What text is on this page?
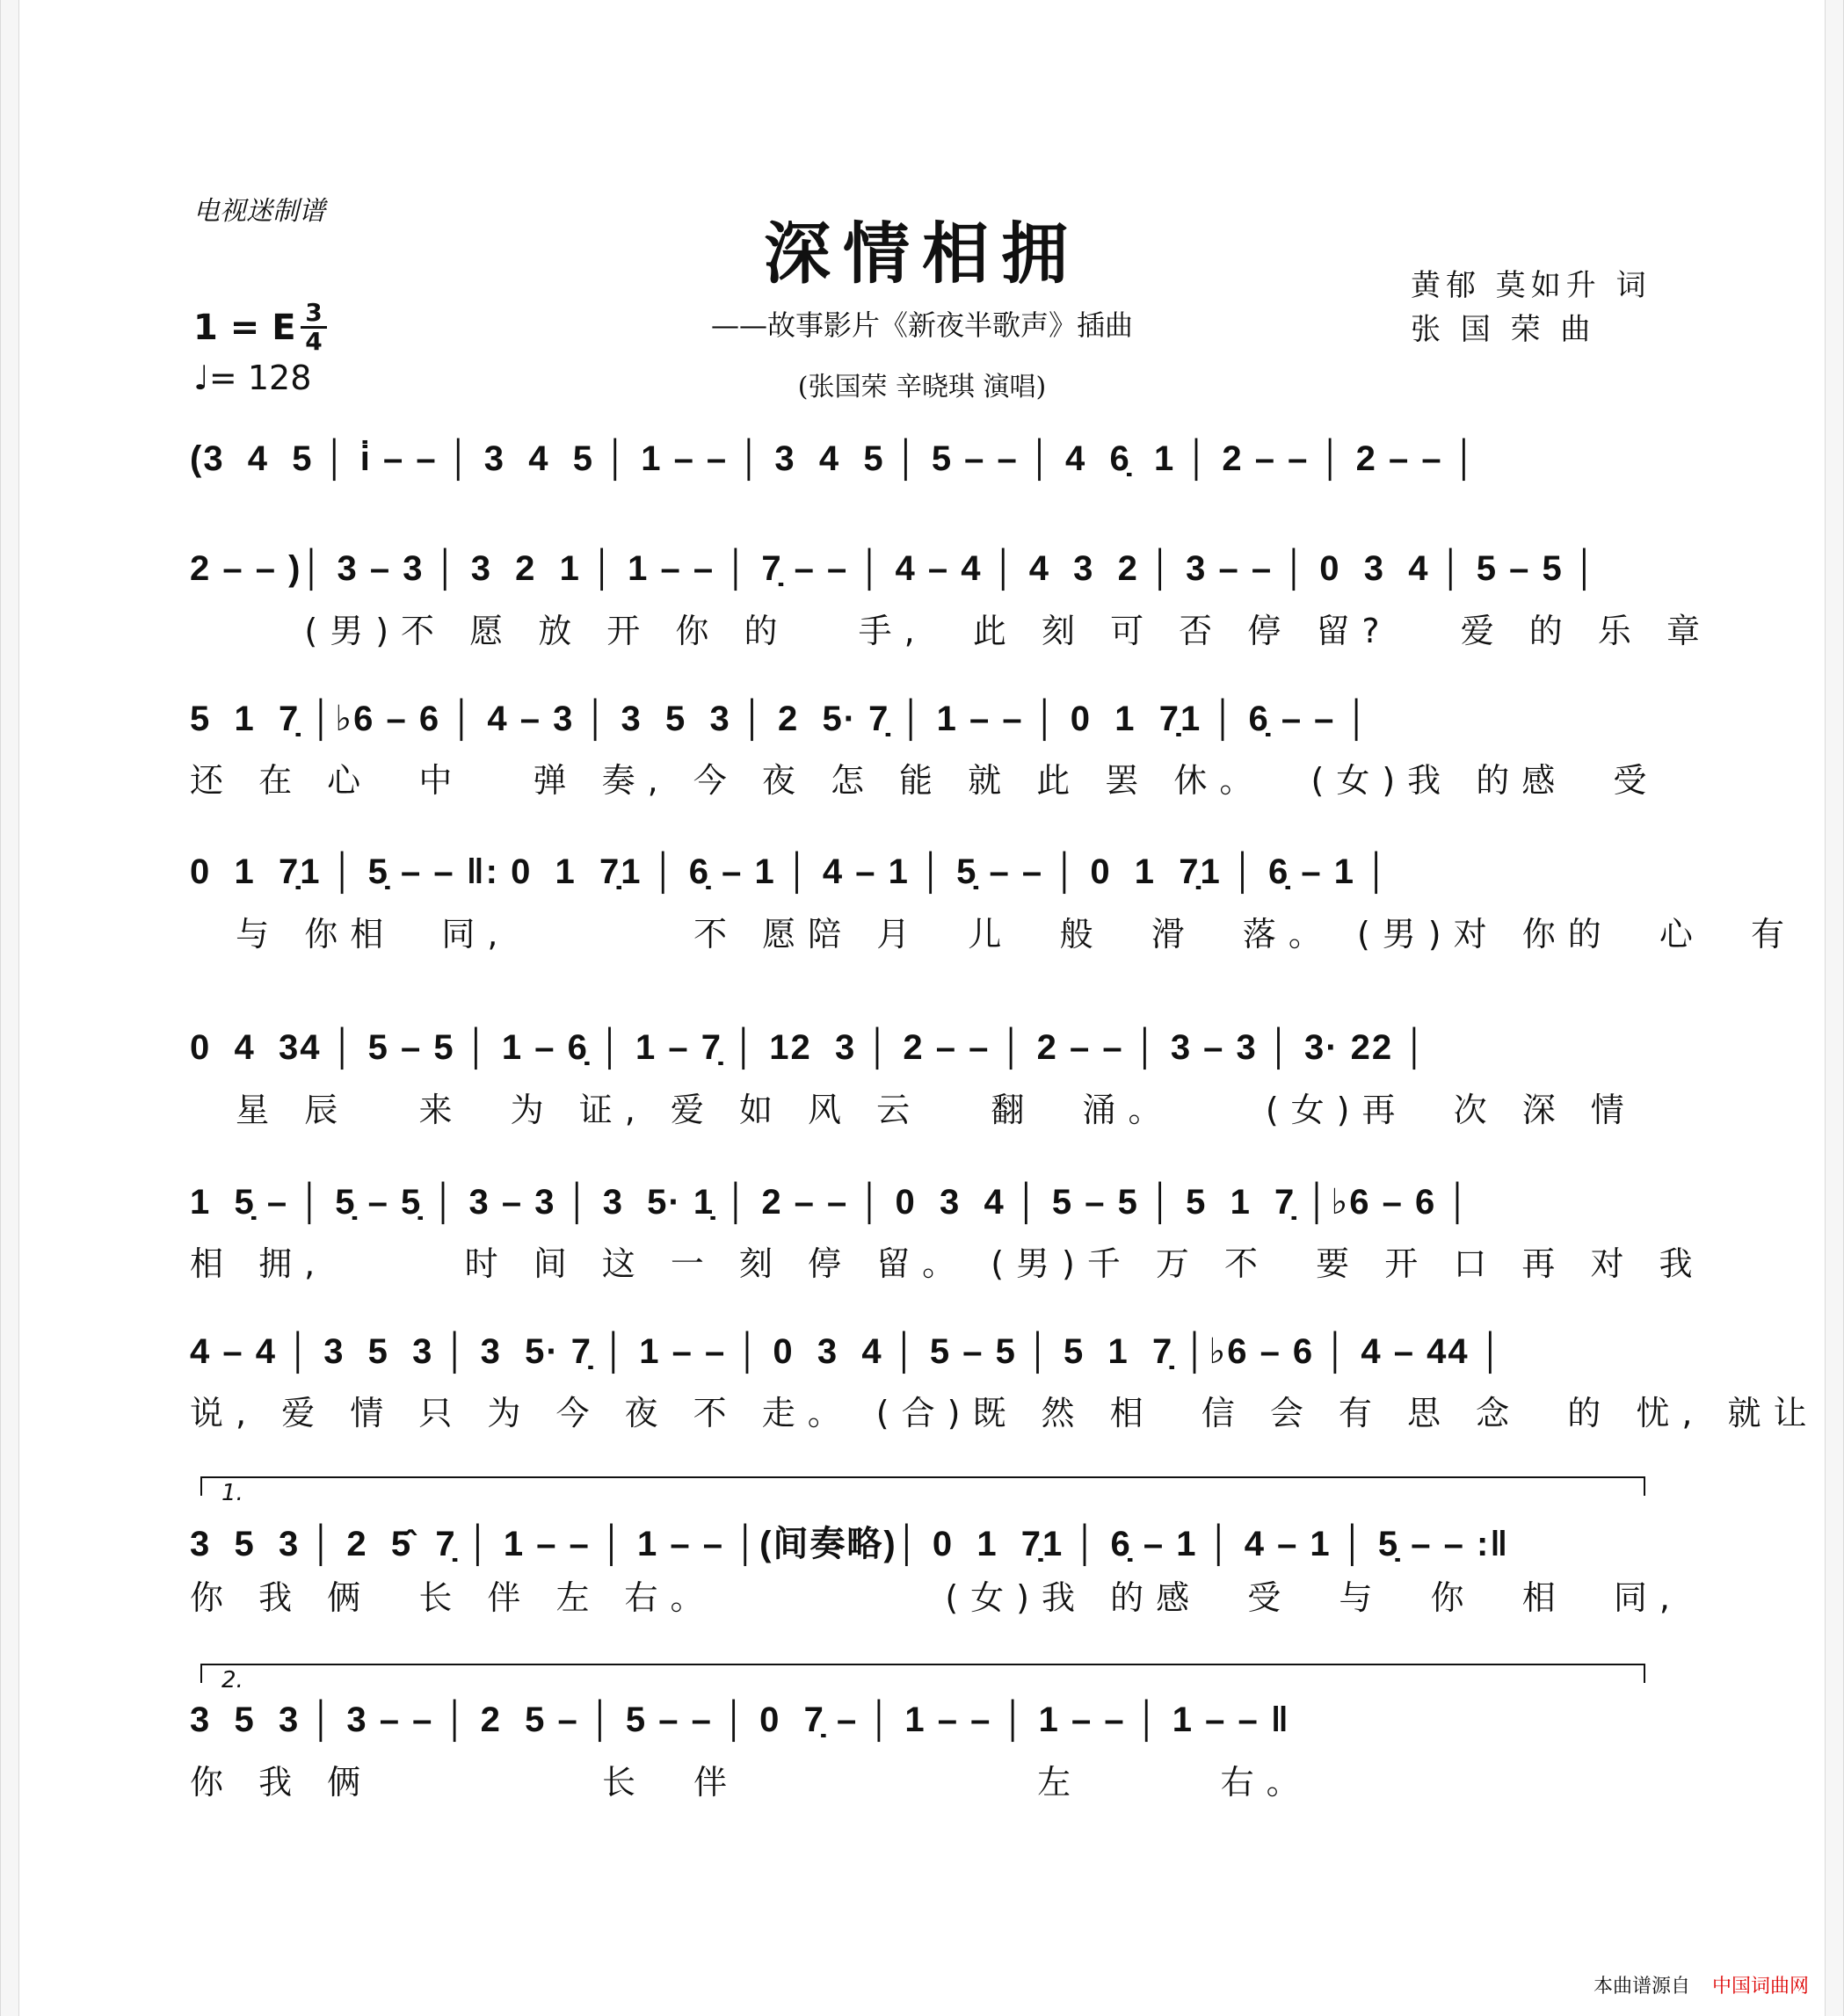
电视迷制谱
深情相拥
——故事影片《新夜半歌声》插曲
(张国荣 辛晓琪 演唱)
黄郁 莫如升 词
张 国 荣 曲
1 = E 3
4
♩= 128
(3  4  5 │ i̇ – – │ 3  4  5 │ 1 – – │ 3  4  5 │ 5 – – │ 4  6̣  1 │ 2 – – │ 2 – – │
2 – – )│ 3 – 3 │ 3  2  1 │ 1 – – │ 7̣ – – │ 4 – 4 │ 4  3  2 │ 3 – – │ 0  3  4 │ 5 – 5 │
(男)不 愿 放 开 你 的   手,  此 刻 可 否 停 留?   爱 的 乐 章
5  1  7̣ │♭6 – 6 │ 4 – 3 │ 3  5  3 │ 2  5· 7̣ │ 1 – – │ 0  1  7̣1 │ 6̣ – – │
还 在 心  中   弹 奏, 今 夜 怎 能 就 此 罢 休。  (女)我 的感  受
0  1  7̣1 │ 5̣ – – ‖: 0  1  7̣1 │ 6̣ – 1 │ 4 – 1 │ 5̣ – – │ 0  1  7̣1 │ 6̣ – 1 │
与 你相  同,        不 愿陪 月  儿  般  滑  落。 (男)对 你的  心  有
0  4  34 │ 5 – 5 │ 1 – 6̣ │ 1 – 7̣ │ 12  3 │ 2 – – │ 2 – – │ 3 – 3 │ 3· 22 │
星 辰   来  为 证, 爱 如 风 云   翻  涌。    (女)再  次 深 情
1  5̣ – │ 5̣ – 5̣ │ 3 – 3 │ 3  5· 1̣ │ 2 – – │ 0  3  4 │ 5 – 5 │ 5  1  7̣ │♭6 – 6 │
相 拥,      时 间 这 一 刻 停 留。 (男)千 万 不  要 开 口 再 对 我
4 – 4 │ 3  5  3 │ 3  5· 7̣ │ 1 – – │ 0  3  4 │ 5 – 5 │ 5  1  7̣ │♭6 – 6 │ 4 – 44 │
说, 爱 情 只 为 今 夜 不 走。 (合)既 然 相  信 会 有 思 念  的 忧, 就让
1.
3  5  3 │ 2  5̂  7̣ │ 1 – – │ 1 – – │(间奏略)│ 0  1  7̣1 │ 6̣ – 1 │ 4 – 1 │ 5̣ – – :‖
你 我 俩  长 伴 左 右。          (女)我 的感  受  与  你  相  同,
2.
3  5  3 │ 3 – – │ 2  5 – │ 5 – – │ 0  7̣ – │ 1 – – │ 1 – – │ 1 – – ‖
你 我 俩          长  伴             左      右。
本曲谱源自 中国词曲网
